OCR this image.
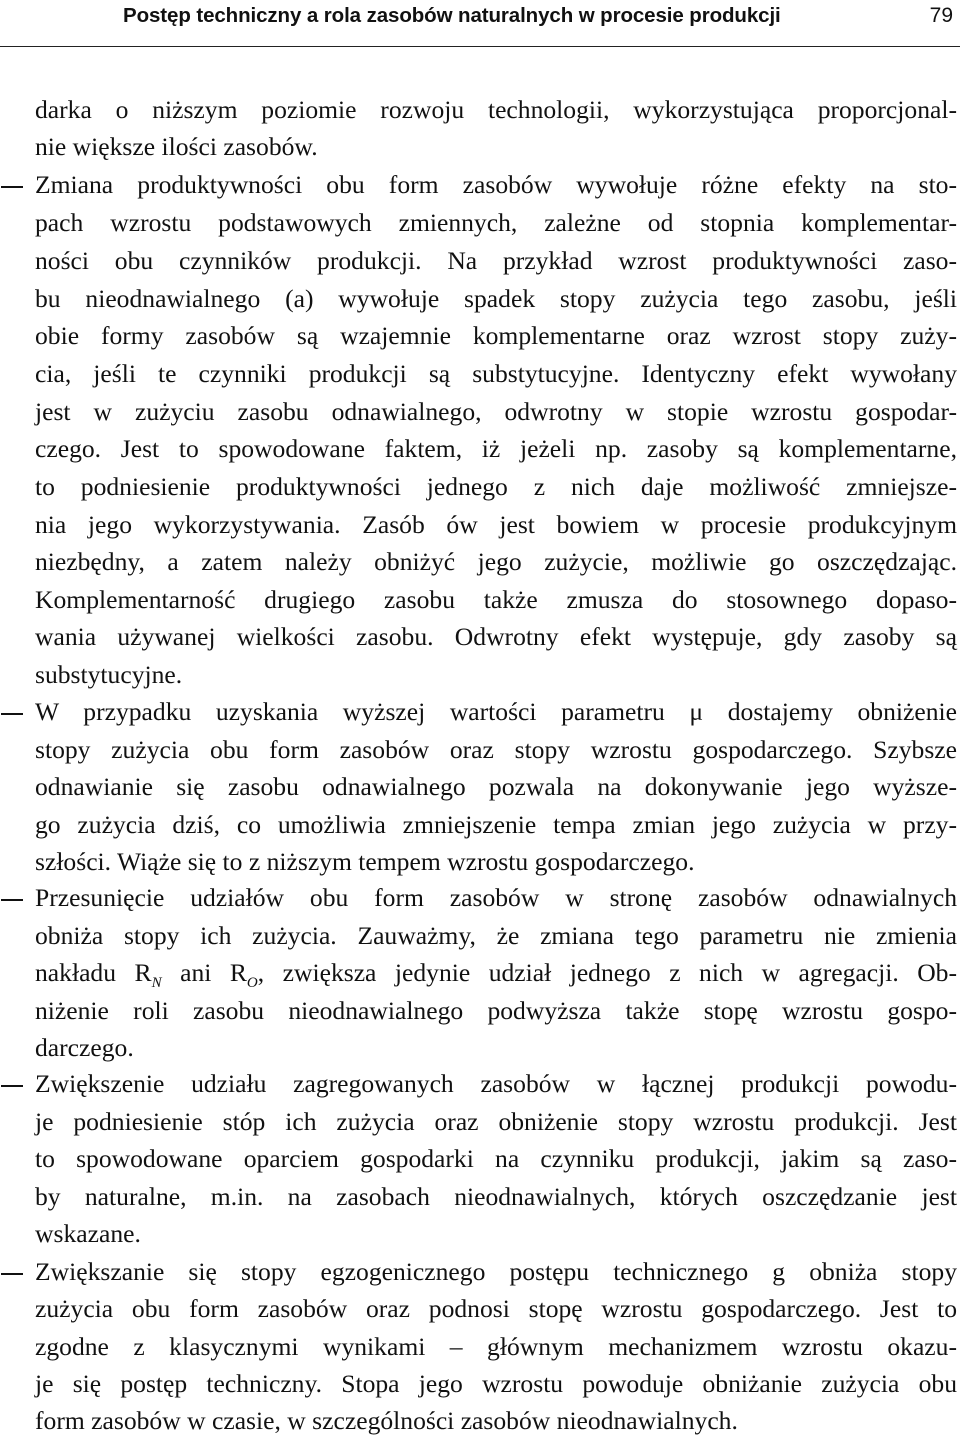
Postęp techniczny a rola zasobów naturalnych w procesie produkcji	79
darka o niższym poziomie rozwoju technologii, wykorzystująca proporcjonal-
nie większe ilości zasobów.
Zmiana produktywności obu form zasobów wywołuje różne efekty na sto-
pach wzrostu podstawowych zmiennych, zależne od stopnia komplementar-
ności obu czynników produkcji. Na przykład wzrost produktywności zaso-
bu nieodnawialnego (a) wywołuje spadek stopy zużycia tego zasobu, jeśli
obie formy zasobów są wzajemnie komplementarne oraz wzrost stopy zuży-
cia, jeśli te czynniki produkcji są substytucyjne. Identyczny efekt wywołany
jest w zużyciu zasobu odnawialnego, odwrotny w stopie wzrostu gospodar-
czego. Jest to spowodowane faktem, iż jeżeli np. zasoby są komplementarne,
to podniesienie produktywności jednego z nich daje możliwość zmniejsze-
nia jego wykorzystywania. Zasób ów jest bowiem w procesie produkcyjnym
niezbędny, a zatem należy obniżyć jego zużycie, możliwie go oszczędzając.
Komplementarność drugiego zasobu także zmusza do stosownego dopaso-
wania używanej wielkości zasobu. Odwrotny efekt występuje, gdy zasoby są
substytucyjne.
W przypadku uzyskania wyższej wartości parametru μ dostajemy obniżenie
stopy zużycia obu form zasobów oraz stopy wzrostu gospodarczego. Szybsze
odnawianie się zasobu odnawialnego pozwala na dokonywanie jego wyższe-
go zużycia dziś, co umożliwia zmniejszenie tempa zmian jego zużycia w przy-
szłości. Wiąże się to z niższym tempem wzrostu gospodarczego.
Przesunięcie udziałów obu form zasobów w stronę zasobów odnawialnych
obniża stopy ich zużycia. Zauważmy, że zmiana tego parametru nie zmienia
nakładu $R_N$ ani $R_O$, zwiększa jedynie udział jednego z nich w agregacji. Ob-
niżenie roli zasobu nieodnawialnego podwyższa także stopę wzrostu gospo-
darczego.
Zwiększenie udziału zagregowanych zasobów w łącznej produkcji powodu-
je podniesienie stóp ich zużycia oraz obniżenie stopy wzrostu produkcji. Jest
to spowodowane oparciem gospodarki na czynniku produkcji, jakim są zaso-
by naturalne, m.in. na zasobach nieodnawialnych, których oszczędzanie jest
wskazane.
Zwiększanie się stopy egzogenicznego postępu technicznego g obniża stopy
zużycia obu form zasobów oraz podnosi stopę wzrostu gospodarczego. Jest to
zgodne z klasycznymi wynikami – głównym mechanizmem wzrostu okazu-
je się postęp techniczny. Stopa jego wzrostu powoduje obniżanie zużycia obu
form zasobów w czasie, w szczególności zasobów nieodnawialnych.
